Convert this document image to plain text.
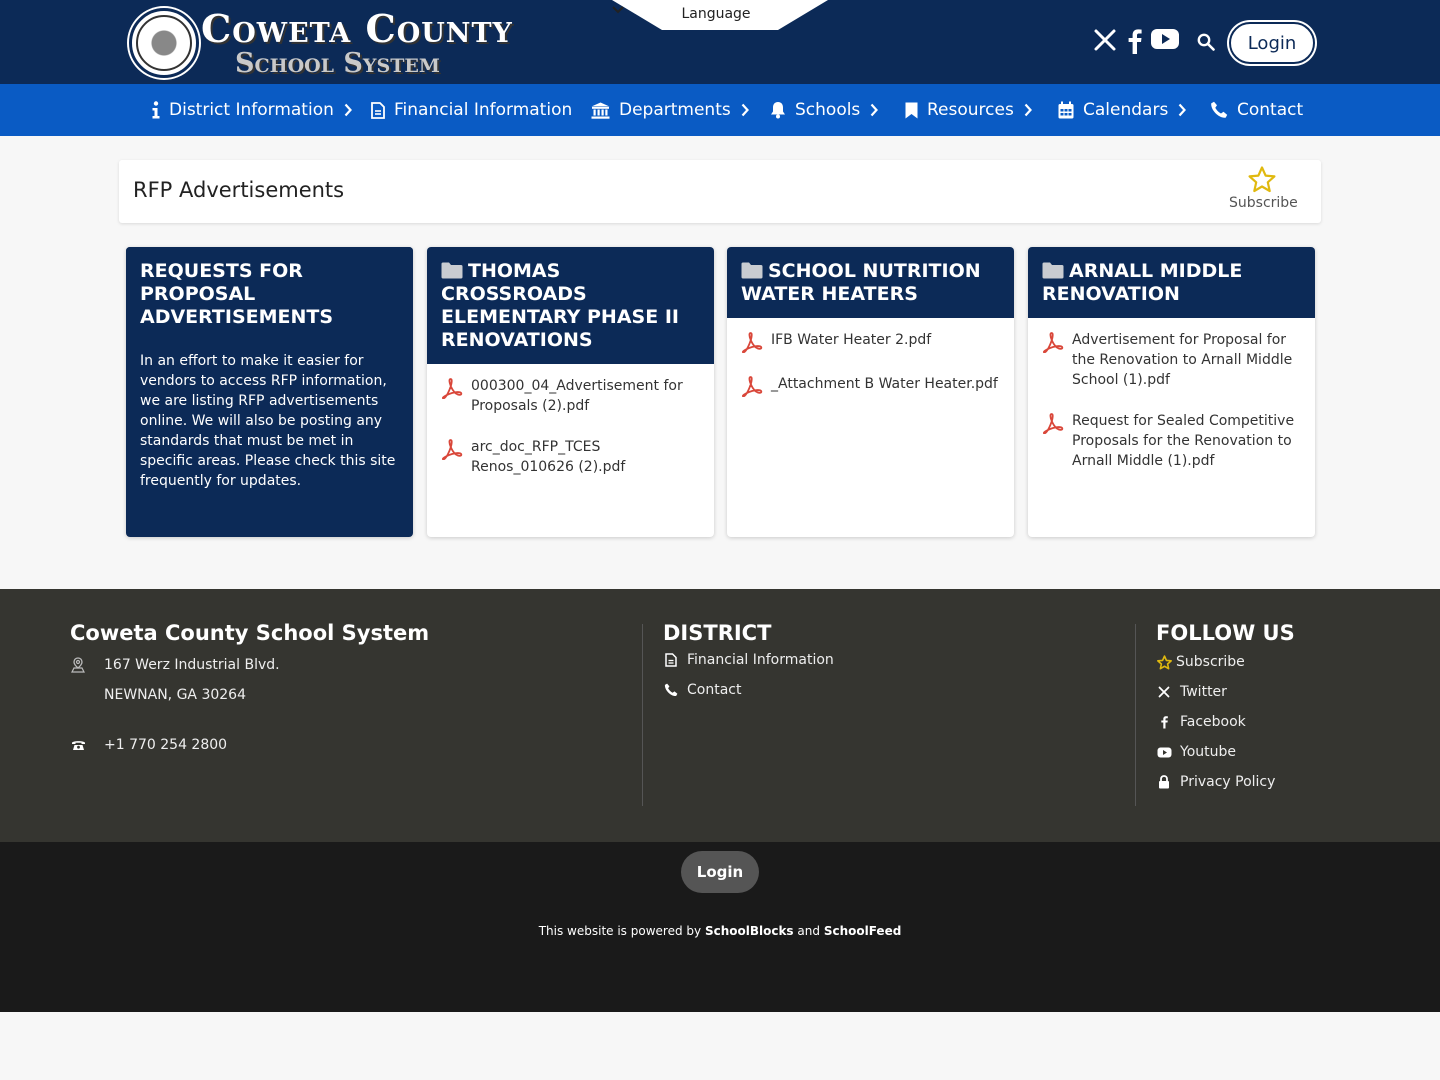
Coweta County
School System
Language
Login
District Information	Financial Information	Departments	Schools	Resources	Calendars	Contact
RFP Advertisements
Subscribe
REQUESTS FOR PROPOSAL ADVERTISEMENTS
In an effort to make it easier for vendors to access RFP information, we are listing RFP advertisements online. We will also be posting any standards that must be met in specific areas. Please check this site frequently for updates.
THOMAS CROSSROADS ELEMENTARY PHASE II RENOVATIONS
000300_04_Advertisement for Proposals (2).pdf
arc_doc_RFP_TCES Renos_010626 (2).pdf
SCHOOL NUTRITION WATER HEATERS
IFB Water Heater 2.pdf
_Attachment B Water Heater.pdf
ARNALL MIDDLE RENOVATION
Advertisement for Proposal for the Renovation to Arnall Middle School (1).pdf
Request for Sealed Competitive Proposals for the Renovation to Arnall Middle (1).pdf
Coweta County School System
167 Werz Industrial Blvd.
NEWNAN, GA 30264
+1 770 254 2800
DISTRICT
Financial Information
Contact
FOLLOW US
Subscribe
Twitter
Facebook
Youtube
Privacy Policy
Login
This website is powered by SchoolBlocks and SchoolFeed
